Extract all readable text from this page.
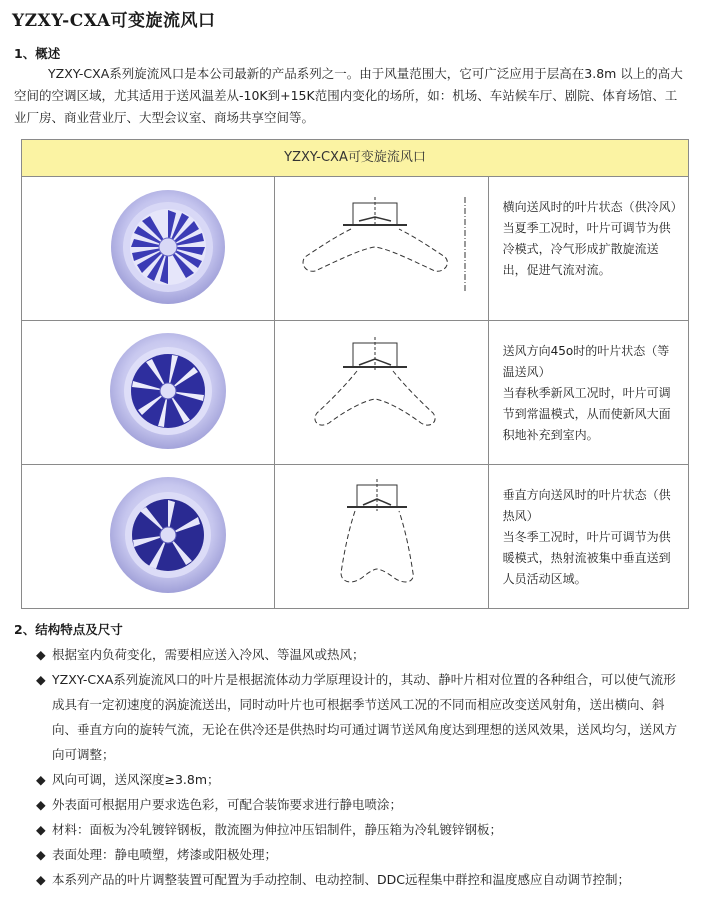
YZXY-CXA可变旋流风口
1、概述
YZXY-CXA系列旋流风口是本公司最新的产品系列之一。由于风量范围大，它可广泛应用于层高在3.8m 以上的高大
空间的空调区域，尤其适用于送风温差从-10K到+15K范围内变化的场所，如：机场、车站候车厅、剧院、体育场馆、工
业厂房、商业营业厅、大型会议室、商场共享空间等。
YZXY-CXA可变旋流风口		

横向送风时的叶片状态（供冷风）
当夏季工况时，叶片可调节为供冷模式，冷气形成扩散旋流送出，促进气流对流。

送风方向45o时的叶片状态（等温送风）
当春秋季新风工况时，叶片可调节到常温模式，从而使新风大面积地补充到室内。

垂直方向送风时的叶片状态（供热风）
当冬季工况时，叶片可调节为供暖模式，热射流被集中垂直送到人员活动区域。
2、结构特点及尺寸
◆ 根据室内负荷变化，需要相应送入冷风、等温风或热风；
◆ YZXY-CXA系列旋流风口的叶片是根据流体动力学原理设计的，其动、静叶片相对位置的各种组合，可以使气流形
成具有一定初速度的涡旋流送出，同时动叶片也可根据季节送风工况的不同而相应改变送风射角，送出横向、斜
向、垂直方向的旋转气流，无论在供冷还是供热时均可通过调节送风角度达到理想的送风效果，送风均匀，送风方
向可调整；
◆ 风向可调，送风深度≥3.8m；
◆ 外表面可根据用户要求选色彩，可配合装饰要求进行静电喷涂；
◆ 材料：面板为冷轧镀锌钢板，散流圈为伸拉冲压铝制件，静压箱为冷轧镀锌钢板；
◆ 表面处理：静电喷塑，烤漆或阳极处理；
◆ 本系列产品的叶片调整装置可配置为手动控制、电动控制、DDC远程集中群控和温度感应自动调节控制；
